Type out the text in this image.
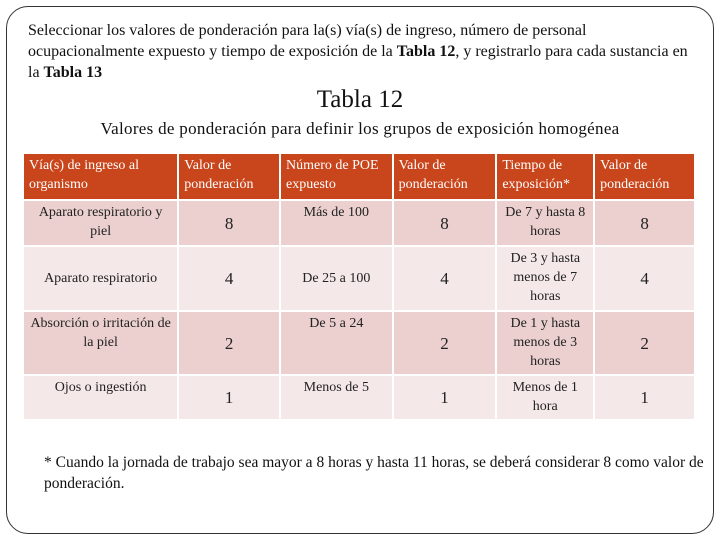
Seleccionar los valores de ponderación para la(s) vía(s) de ingreso, número de personal ocupacionalmente expuesto y tiempo de exposición de la Tabla 12, y registrarlo para cada sustancia en la Tabla 13
Tabla 12
Valores de ponderación para definir los grupos de exposición homogénea
Vía(s) de ingreso al organismo	Valor de ponderación	Número de POE expuesto	Valor de ponderación	Tiempo de exposición*	Valor de ponderación
Aparato respiratorio y piel	8	Más de 100	8	De 7 y hasta 8 horas	8
Aparato respiratorio	4	De 25 a 100	4	De 3 y hasta menos de 7 horas	4
Absorción o irritación de la piel	2	De 5 a 24	2	De 1 y hasta menos de 3 horas	2
Ojos o ingestión	1	Menos de 5	1	Menos de 1 hora	1
* Cuando la jornada de trabajo sea mayor a 8 horas y hasta 11 horas, se deberá considerar 8 como valor de ponderación.
